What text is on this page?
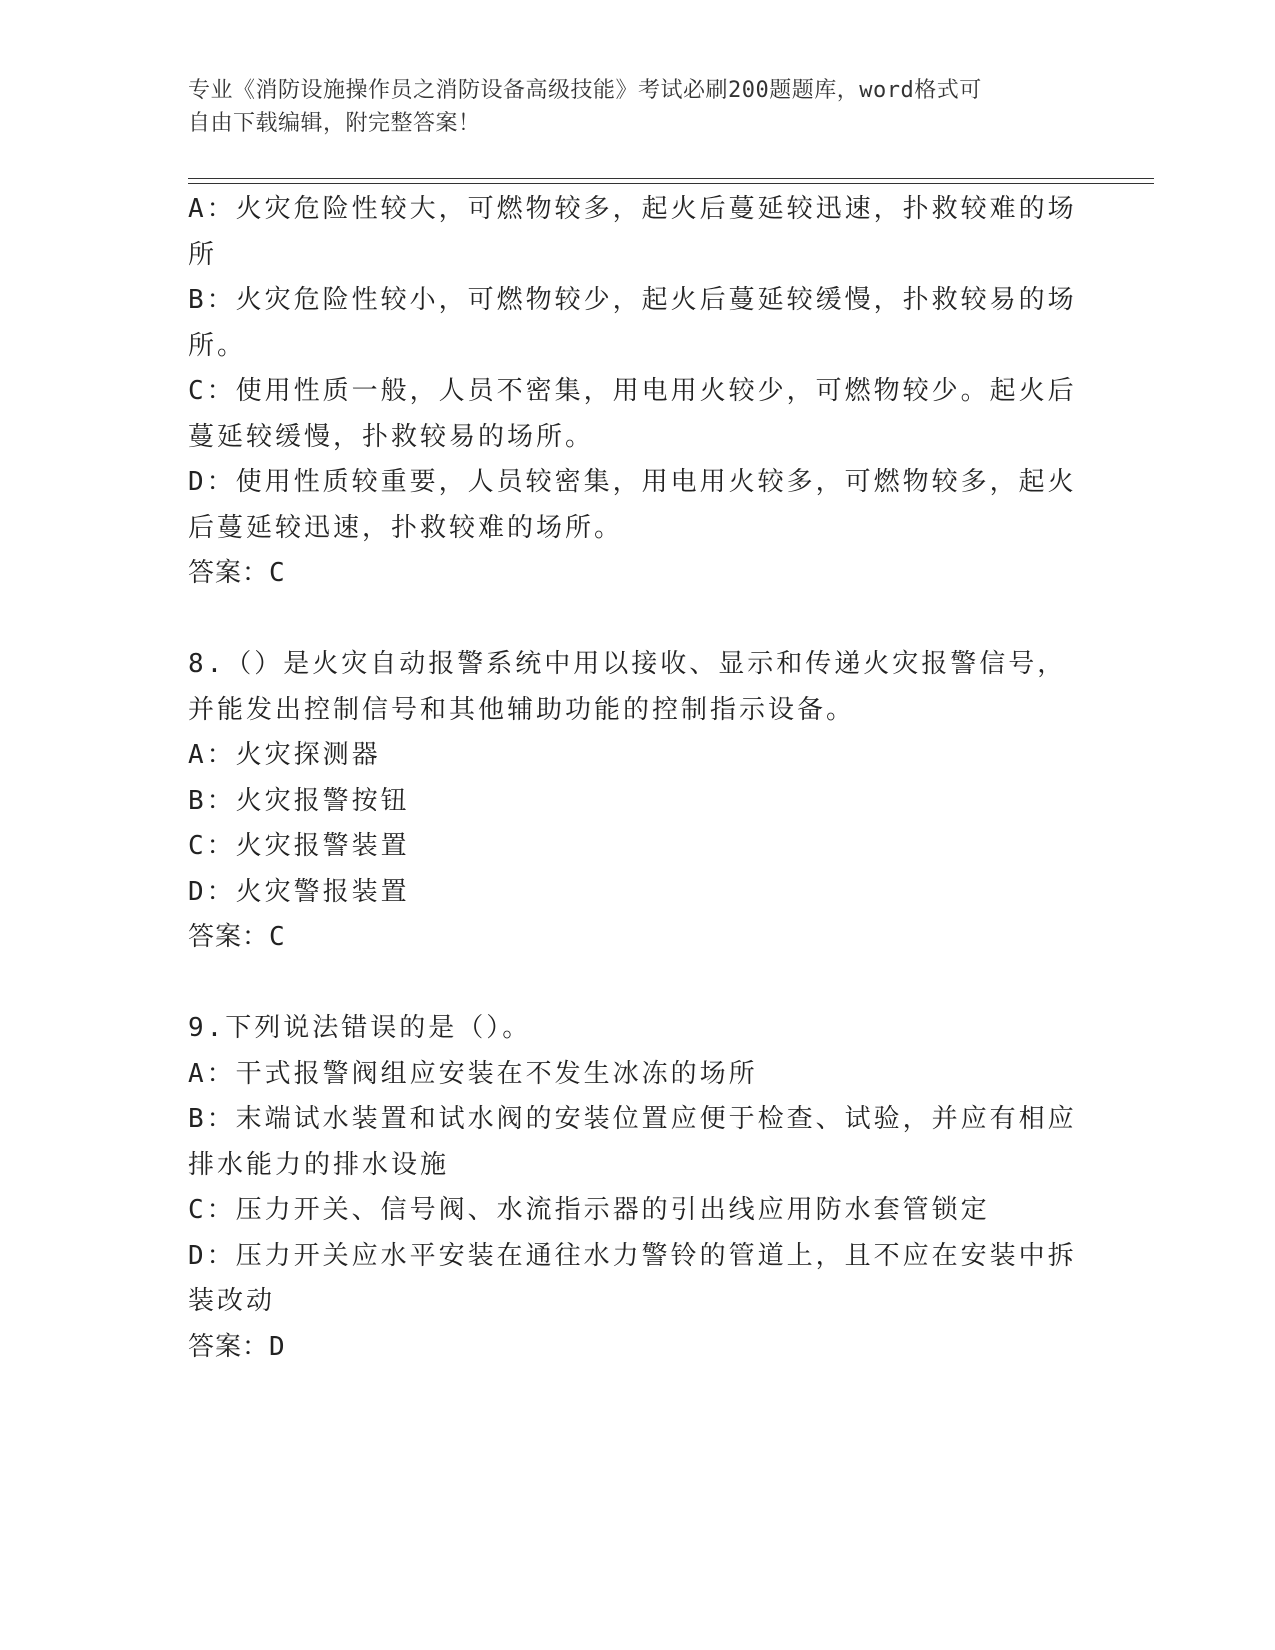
专业《消防设施操作员之消防设备高级技能》考试必刷200题题库，word格式可
自由下载编辑，附完整答案！
A：火灾危险性较大，可燃物较多，起火后蔓延较迅速，扑救较难的场
所
B：火灾危险性较小，可燃物较少，起火后蔓延较缓慢，扑救较易的场
所。
C：使用性质一般，人员不密集，用电用火较少，可燃物较少。起火后
蔓延较缓慢，扑救较易的场所。
D：使用性质较重要，人员较密集，用电用火较多，可燃物较多，起火
后蔓延较迅速，扑救较难的场所。
答案：C
8.（）是火灾自动报警系统中用以接收、显示和传递火灾报警信号，
并能发出控制信号和其他辅助功能的控制指示设备。
A：火灾探测器
B：火灾报警按钮
C：火灾报警装置
D：火灾警报装置
答案：C
9.下列说法错误的是（）。
A：干式报警阀组应安装在不发生冰冻的场所
B：末端试水装置和试水阀的安装位置应便于检查、试验，并应有相应
排水能力的排水设施
C：压力开关、信号阀、水流指示器的引出线应用防水套管锁定
D：压力开关应水平安装在通往水力警铃的管道上，且不应在安装中拆
装改动
答案：D
